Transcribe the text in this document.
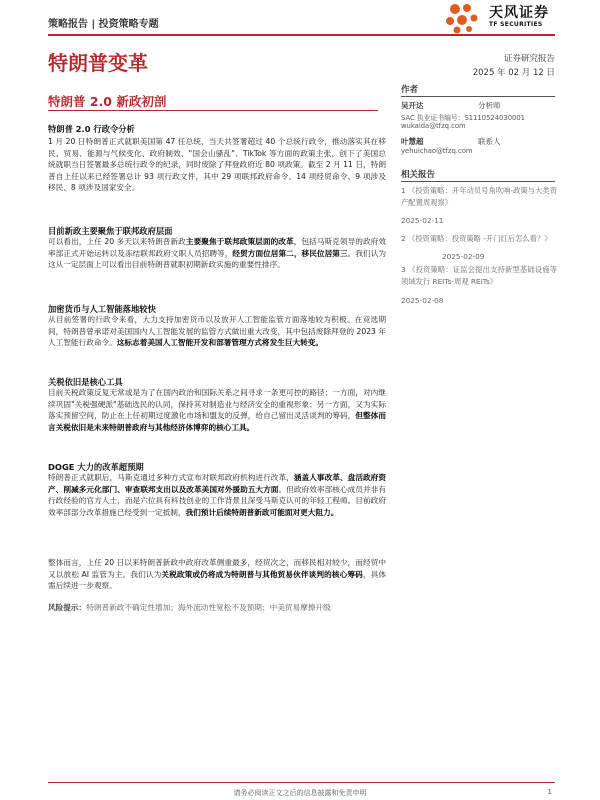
策略报告 | 投资策略专题
天风证券
TF SECURITIES
特朗普变革	证券研究报告
2025 年 02 月 12 日
特朗普 2.0 新政初剖
作者
吴开达	分析师
SAC 执业证书编号：S1110524030001
wukaida@tfzq.com
叶慧超	联系人
yehuichao@tfzq.com
相关报告
1 《投资策略：开年动员号角吹响-政策与大类资产配置周观察》
2025-02-11
2 《投资策略：投资策略 -开门红后怎么看？》
2025-02-09
3 《投资策略：证监会提出支持新型基础设施等领域发行 REITs-周观 REITs》
2025-02-08
特朗普 2.0 行政令分析

1 月 20 日特朗普正式就职美国第 47 任总统，当天共签署超过 40 个总统行政令，推动落实其在移民、贸易、能源与气候变化、政府制效、"国会山骚乱"、TikTok 等方面的政策主张，创下了美国总统就职当日签署最多总统行政令的纪录，同时废除了拜登政府近 80 项政策。截至 2 月 11 日，特朗普自上任以来已经签署总计 93 项行政文件，其中 29 项联邦政府命令、14 项经贸命令、9 项涉及移民、8 项涉及国家安全。

目前新政主要聚焦于联邦政府层面

可以看出，上任 20 多天以来特朗普新政主要聚焦于联邦政策层面的改革，包括马斯克领导的政府效率部正式开始运转以及冻结联邦政府文职人员招聘等，经贸方面位居第二，移民位居第三。我们认为这从一定层面上可以看出目前特朗普就职初期新政实施的重要性排序。

加密货币与人工智能落地较快

从目前签署的行政令来看，大力支持加密货币以及放开人工智能监管方面落地较为积极。在竞选期间，特朗普曾承诺对美国国内人工智能发展的监管方式做出重大改变，其中包括废除拜登的 2023 年人工智能行政命令。这标志着美国人工智能开发和部署管理方式将发生巨大转变。

关税依旧是核心工具

目前关税政策反复无常或是为了在国内政治和国际关系之间寻求一条更可控的路径；一方面，对内继续巩固"关税强硬派"基础选民的认同，保持其对制造业与经济安全的重视形象；另一方面，又为实际落实预留空间，防止在上任初期过度激化市场和盟友的反弹，给自己留出灵活谈判的筹码，但整体而言关税依旧是未来特朗普政府与其他经济体博弈的核心工具。

DOGE 大力的改革超预期

特朗普正式就职后，马斯克通过多种方式宣布对联邦政府机构进行改革，涵盖人事改革、盘活政府资产、削减多元化部门、审查联邦支出以及改革美国对外援助五大方面。但政府效率部核心成员并非有行政经验的官方人士，而是六位具有科技创业的工作背景且深受马斯克认可的年轻工程师。目前政府效率部部分改革措施已经受到一定抵制，我们预计后续特朗普新政可能面对更大阻力。

整体而言，上任 20 日以来特朗普新政中政府改革侧重最多，经贸次之，而移民相对较少，而经贸中又以放松 AI 监管为主。我们认为关税政策或仍将成为特朗普与其他贸易伙伴谈判的核心筹码，具体需后续进一步观察。

风险提示：特朗普新政不确定性增加；海外流动性宽松不及预期；中美贸易摩擦升级
请务必阅读正文之后的信息披露和免责申明	1
